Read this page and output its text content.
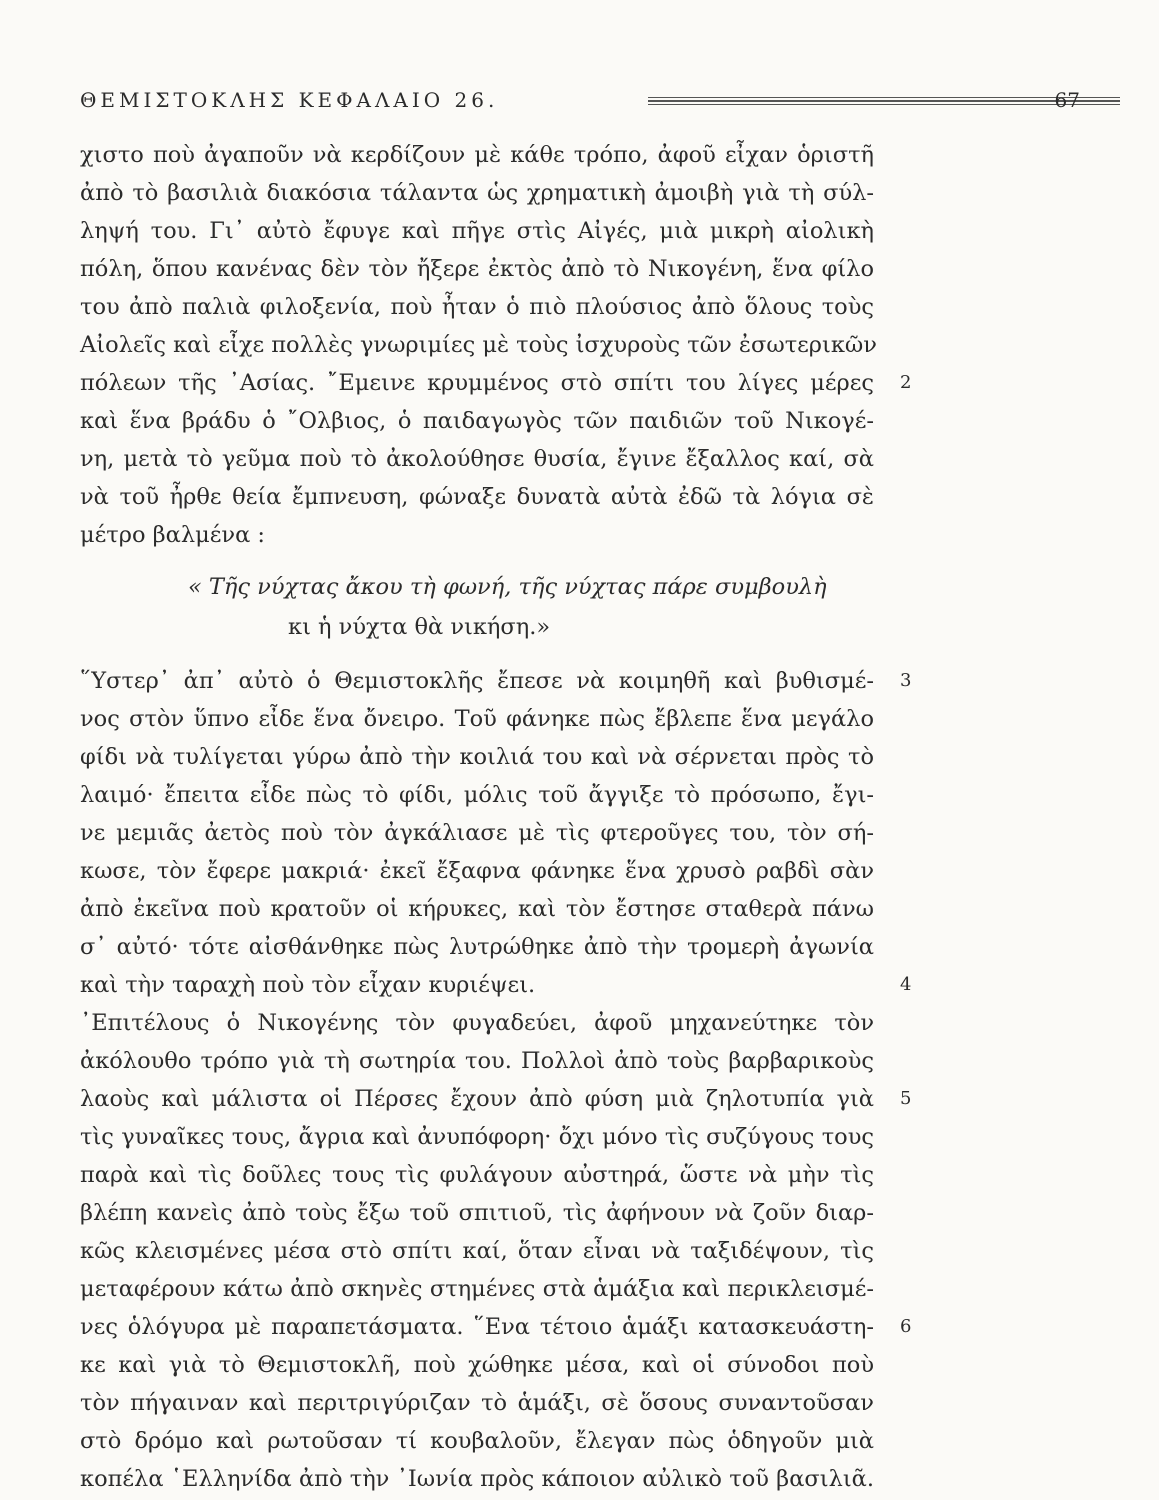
ΘΕΜΙΣΤΟΚΛΗΣ ΚΕΦΑΛΑΙΟ 26.	67
χιστο ποὺ ἀγαποῦν νὰ κερδίζουν μὲ κάθε τρόπο, ἀφοῦ εἶχαν ὁριστῆ
ἀπὸ τὸ βασιλιὰ διακόσια τάλαντα ὡς χρηματικὴ ἀμοιβὴ γιὰ τὴ σύλ-
ληψή του. Γι᾽ αὐτὸ ἔφυγε καὶ πῆγε στὶς Αἰγές, μιὰ μικρὴ αἰολικὴ
πόλη, ὅπου κανένας δὲν τὸν ἤξερε ἐκτὸς ἀπὸ τὸ Νικογένη, ἕνα φίλο
του ἀπὸ παλιὰ φιλοξενία, ποὺ ἦταν ὁ πιὸ πλούσιος ἀπὸ ὅλους τοὺς
Αἰολεῖς καὶ εἶχε πολλὲς γνωριμίες μὲ τοὺς ἰσχυροὺς τῶν ἐσωτερικῶν
πόλεων τῆς ᾽Ασίας. ῎Εμεινε κρυμμένος στὸ σπίτι του λίγες μέρες
καὶ ἕνα βράδυ ὁ ῎Ολβιος, ὁ παιδαγωγὸς τῶν παιδιῶν τοῦ Νικογέ-
νη, μετὰ τὸ γεῦμα ποὺ τὸ ἀκολούθησε θυσία, ἔγινε ἔξαλλος καί, σὰ
νὰ τοῦ ἦρθε θεία ἔμπνευση, φώναξε δυνατὰ αὐτὰ ἐδῶ τὰ λόγια σὲ
μέτρο βαλμένα :
« Τῆς νύχτας ἄκου τὴ φωνή, τῆς νύχτας πάρε συμβουλὴ
κι ἡ νύχτα θὰ νικήση.»
῞Υστερ᾽ ἀπ᾽ αὐτὸ ὁ Θεμιστοκλῆς ἔπεσε νὰ κοιμηθῆ καὶ βυθισμέ-
νος στὸν ὕπνο εἶδε ἕνα ὄνειρο. Τοῦ φάνηκε πὼς ἔβλεπε ἕνα μεγάλο
φίδι νὰ τυλίγεται γύρω ἀπὸ τὴν κοιλιά του καὶ νὰ σέρνεται πρὸς τὸ
λαιμό· ἔπειτα εἶδε πὼς τὸ φίδι, μόλις τοῦ ἄγγιξε τὸ πρόσωπο, ἔγι-
νε μεμιᾶς ἀετὸς ποὺ τὸν ἀγκάλιασε μὲ τὶς φτεροῦγες του, τὸν σή-
κωσε, τὸν ἔφερε μακριά· ἐκεῖ ἔξαφνα φάνηκε ἕνα χρυσὸ ραβδὶ σὰν
ἀπὸ ἐκεῖνα ποὺ κρατοῦν οἱ κήρυκες, καὶ τὸν ἔστησε σταθερὰ πάνω
σ᾽ αὐτό· τότε αἰσθάνθηκε πὼς λυτρώθηκε ἀπὸ τὴν τρομερὴ ἀγωνία
καὶ τὴν ταραχὴ ποὺ τὸν εἶχαν κυριέψει.
᾽Επιτέλους ὁ Νικογένης τὸν φυγαδεύει, ἀφοῦ μηχανεύτηκε τὸν
ἀκόλουθο τρόπο γιὰ τὴ σωτηρία του. Πολλοὶ ἀπὸ τοὺς βαρβαρικοὺς
λαοὺς καὶ μάλιστα οἱ Πέρσες ἔχουν ἀπὸ φύση μιὰ ζηλοτυπία γιὰ
τὶς γυναῖκες τους, ἄγρια καὶ ἀνυπόφορη· ὄχι μόνο τὶς συζύγους τους
παρὰ καὶ τὶς δοῦλες τους τὶς φυλάγουν αὐστηρά, ὥστε νὰ μὴν τὶς
βλέπη κανεὶς ἀπὸ τοὺς ἔξω τοῦ σπιτιοῦ, τὶς ἀφήνουν νὰ ζοῦν διαρ-
κῶς κλεισμένες μέσα στὸ σπίτι καί, ὅταν εἶναι νὰ ταξιδέψουν, τὶς
μεταφέρουν κάτω ἀπὸ σκηνὲς στημένες στὰ ἁμάξια καὶ περικλεισμέ-
νες ὁλόγυρα μὲ παραπετάσματα. ῞Ενα τέτοιο ἁμάξι κατασκευάστη-
κε καὶ γιὰ τὸ Θεμιστοκλῆ, ποὺ χώθηκε μέσα, καὶ οἱ σύνοδοι ποὺ
τὸν πήγαιναν καὶ περιτριγύριζαν τὸ ἁμάξι, σὲ ὅσους συναντοῦσαν
στὸ δρόμο καὶ ρωτοῦσαν τί κουβαλοῦν, ἔλεγαν πὼς ὁδηγοῦν μιὰ
κοπέλα ῾Ελληνίδα ἀπὸ τὴν ᾽Ιωνία πρὸς κάποιον αὐλικὸ τοῦ βασιλιᾶ.
2
3
4
5
6
